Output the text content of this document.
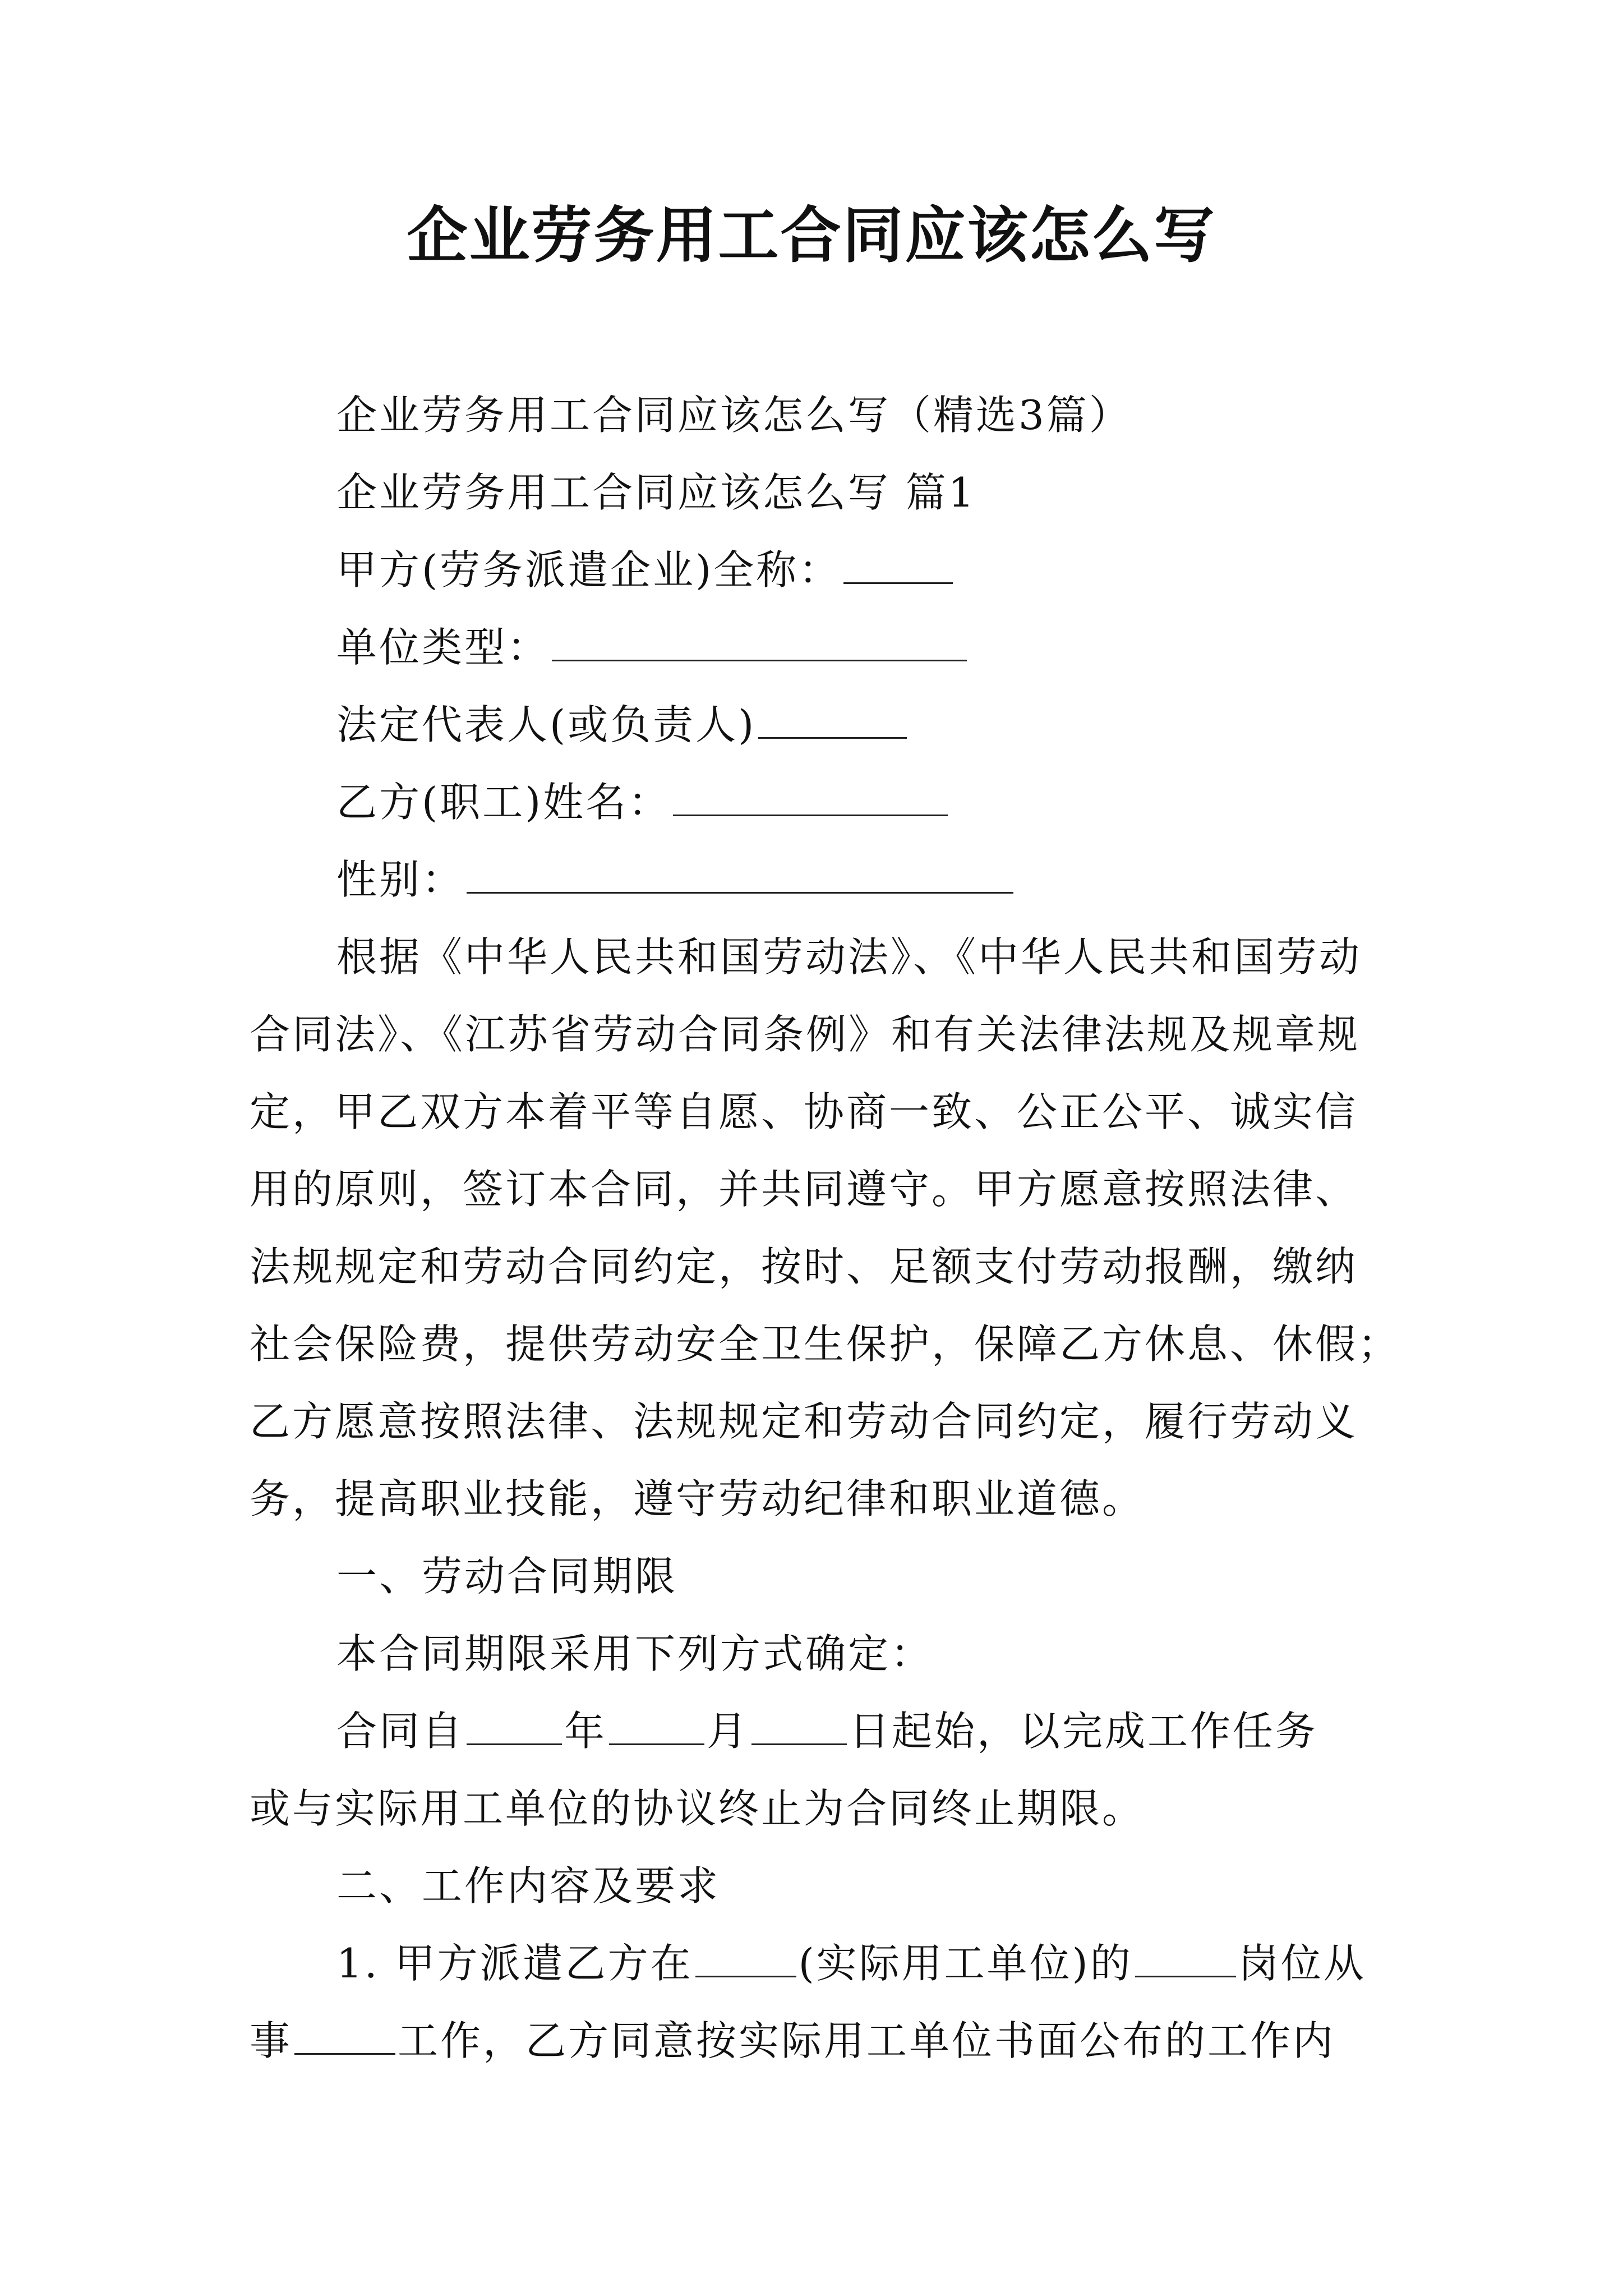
企业劳务用工合同应该怎么写
企业劳务用工合同应该怎么写（精选3篇）
企业劳务用工合同应该怎么写 篇1
甲方(劳务派遣企业)全称：
单位类型：
法定代表人(或负责人)
乙方(职工)姓名：
性别：
根据《中华人民共和国劳动法》、《中华人民共和国劳动
合同法》、《江苏省劳动合同条例》和有关法律法规及规章规
定，甲乙双方本着平等自愿、协商一致、公正公平、诚实信
用的原则，签订本合同，并共同遵守。甲方愿意按照法律、
法规规定和劳动合同约定，按时、足额支付劳动报酬，缴纳
社会保险费，提供劳动安全卫生保护，保障乙方休息、休假；
乙方愿意按照法律、法规规定和劳动合同约定，履行劳动义
务，提高职业技能，遵守劳动纪律和职业道德。
一、劳动合同期限
本合同期限采用下列方式确定：
合同自 年 月 日起始，以完成工作任务
或与实际用工单位的协议终止为合同终止期限。
二、工作内容及要求
1. 甲方派遣乙方在	(实际用工单位)的	岗位从
事	工作，乙方同意按实际用工单位书面公布的工作内
